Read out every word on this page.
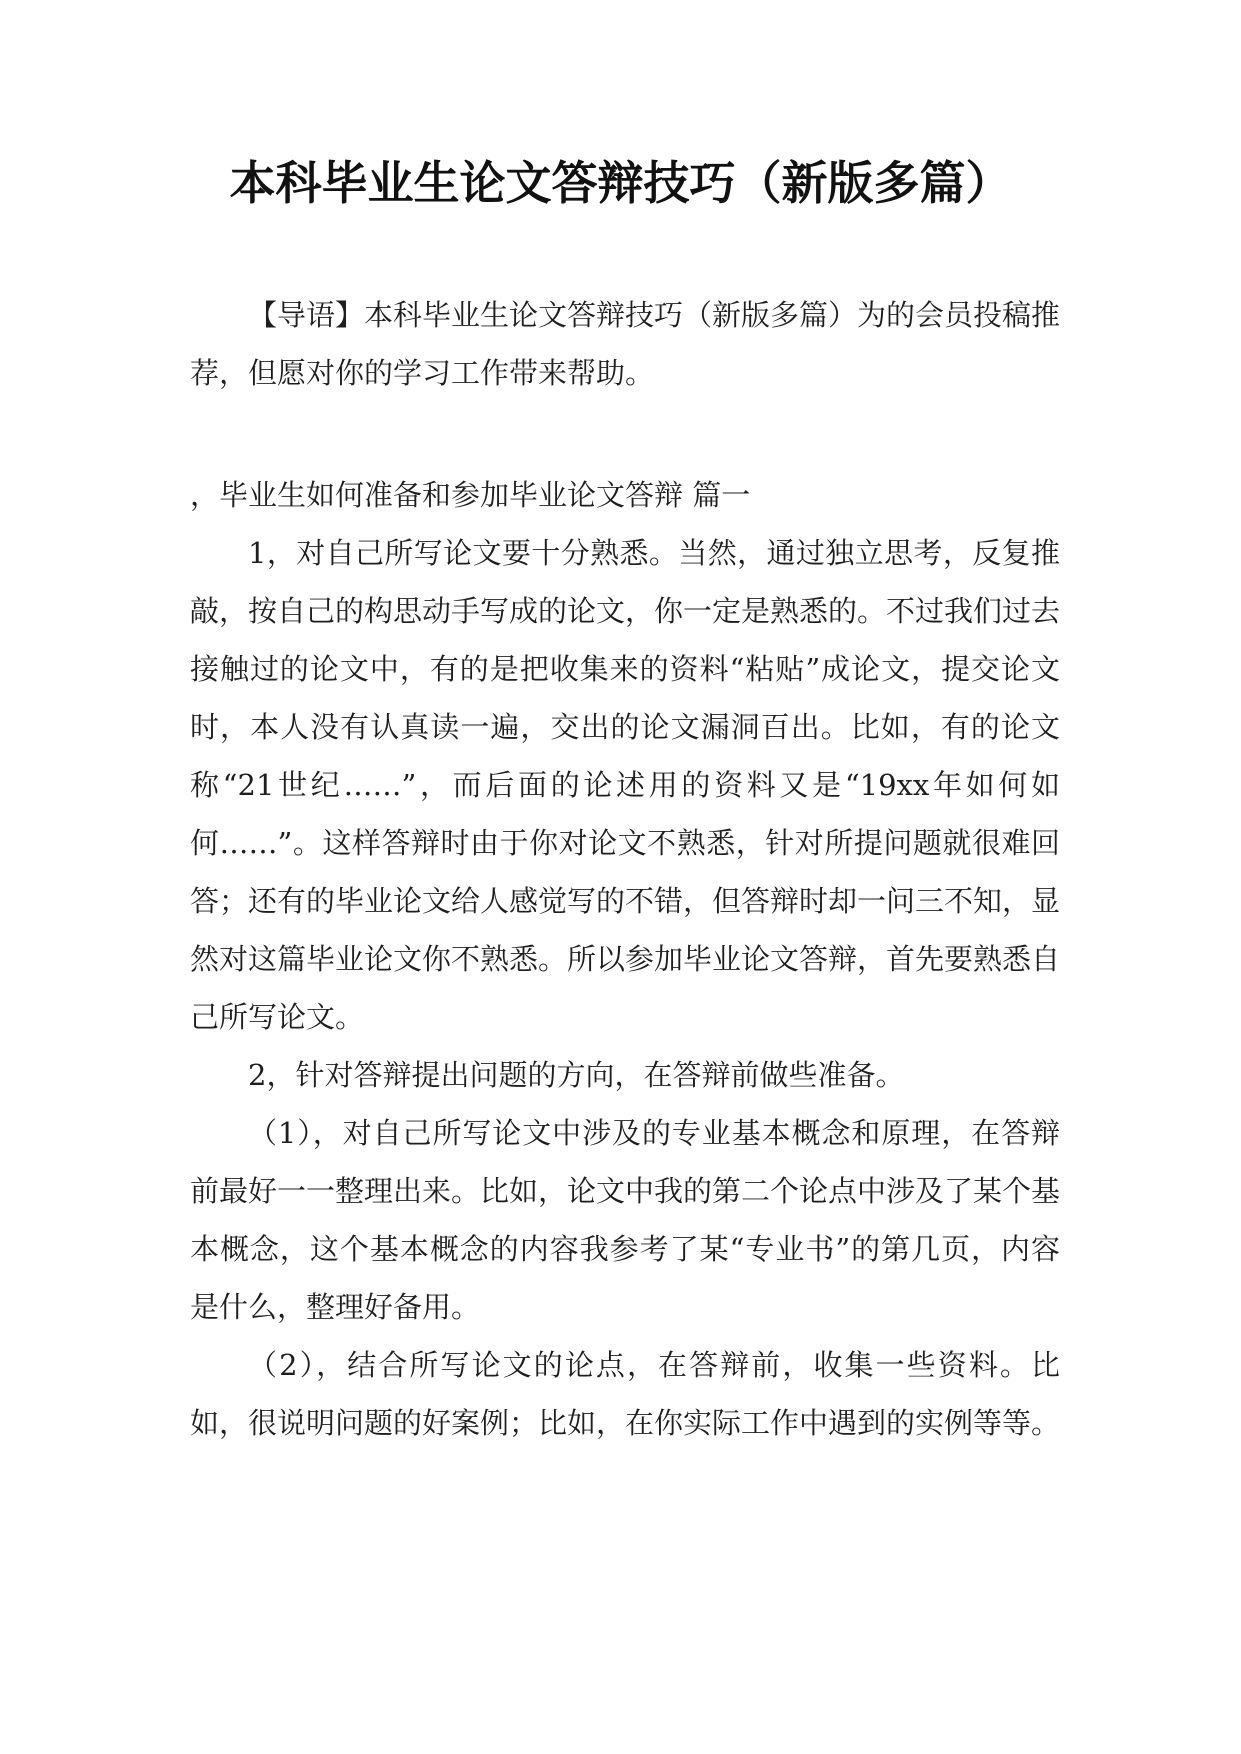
本科毕业生论文答辩技巧（新版多篇）

【导语】本科毕业生论文答辩技巧（新版多篇）为的会员投稿推荐，但愿对你的学习工作带来帮助。

，毕业生如何准备和参加毕业论文答辩 篇一

1，对自己所写论文要十分熟悉。当然，通过独立思考，反复推敲，按自己的构思动手写成的论文，你一定是熟悉的。不过我们过去接触过的论文中，有的是把收集来的资料“粘贴”成论文，提交论文时，本人没有认真读一遍，交出的论文漏洞百出。比如，有的论文称“21世纪……”，而后面的论述用的资料又是“19xx年如何如何……”。这样答辩时由于你对论文不熟悉，针对所提问题就很难回答；还有的毕业论文给人感觉写的不错，但答辩时却一问三不知，显然对这篇毕业论文你不熟悉。所以参加毕业论文答辩，首先要熟悉自己所写论文。

2，针对答辩提出问题的方向，在答辩前做些准备。

（1），对自己所写论文中涉及的专业基本概念和原理，在答辩前最好一一整理出来。比如，论文中我的第二个论点中涉及了某个基本概念，这个基本概念的内容我参考了某“专业书”的第几页，内容是什么，整理好备用。

（2），结合所写论文的论点，在答辩前，收集一些资料。比如，很说明问题的好案例；比如，在你实际工作中遇到的实例等等。
